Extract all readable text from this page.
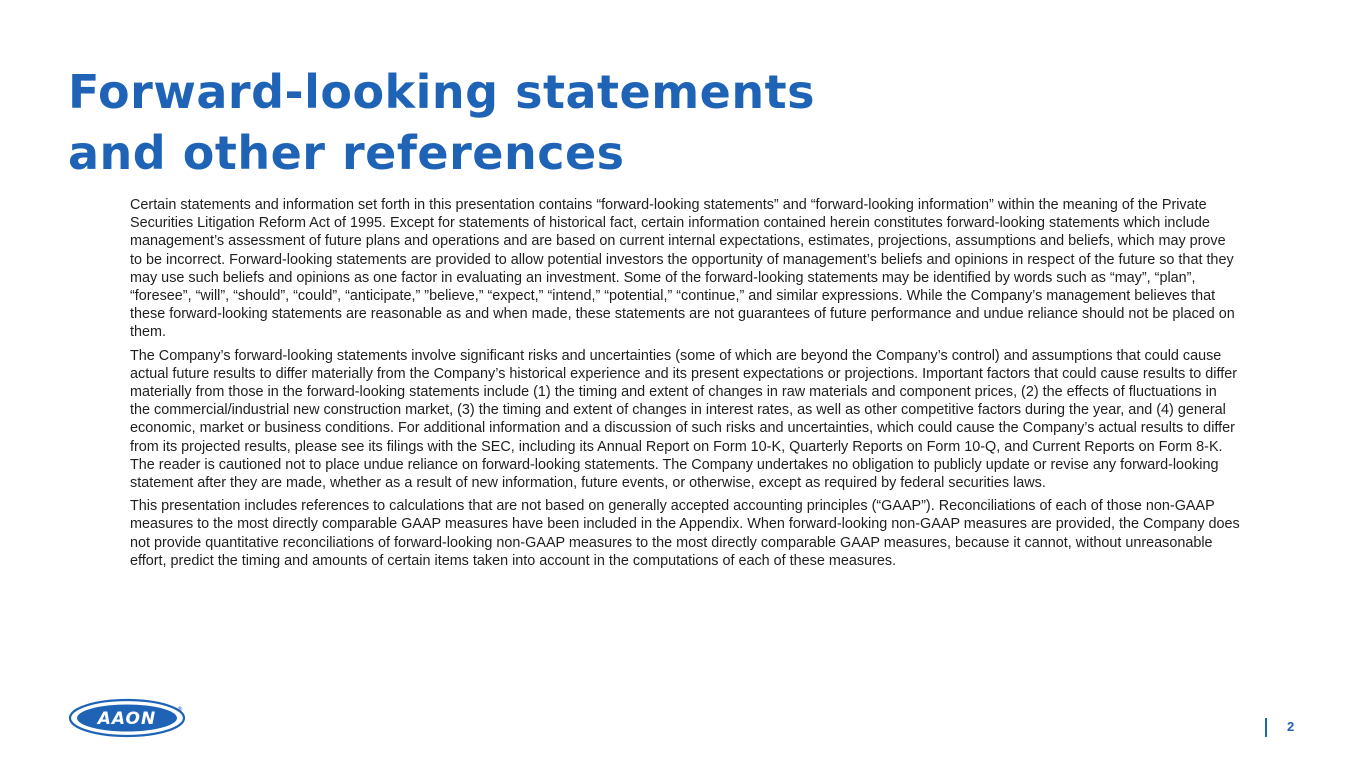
Forward-looking statements
and other references

Certain statements and information set forth in this presentation contains “forward-looking statements” and “forward-looking information” within the meaning of the Private Securities Litigation Reform Act of 1995. Except for statements of historical fact, certain information contained herein constitutes forward-looking statements which include management’s assessment of future plans and operations and are based on current internal expectations, estimates, projections, assumptions and beliefs, which may prove to be incorrect. Forward-looking statements are provided to allow potential investors the opportunity of management’s beliefs and opinions in respect of the future so that they may use such beliefs and opinions as one factor in evaluating an investment. Some of the forward-looking statements may be identified by words such as “may”, “plan”, “foresee”, “will”, “should”, “could”, “anticipate,” ”believe,” “expect,” “intend,” “potential,” “continue,” and similar expressions. While the Company’s management believes that these forward-looking statements are reasonable as and when made, these statements are not guarantees of future performance and undue reliance should not be placed on them.

The Company’s forward-looking statements involve significant risks and uncertainties (some of which are beyond the Company’s control) and assumptions that could cause actual future results to differ materially from the Company’s historical experience and its present expectations or projections. Important factors that could cause results to differ materially from those in the forward-looking statements include (1) the timing and extent of changes in raw materials and component prices, (2) the effects of fluctuations in the commercial/industrial new construction market, (3) the timing and extent of changes in interest rates, as well as other competitive factors during the year, and (4) general economic, market or business conditions. For additional information and a discussion of such risks and uncertainties, which could cause the Company’s actual results to differ from its projected results, please see its filings with the SEC, including its Annual Report on Form 10-K, Quarterly Reports on Form 10-Q, and Current Reports on Form 8-K. The reader is cautioned not to place undue reliance on forward-looking statements. The Company undertakes no obligation to publicly update or revise any forward-looking statement after they are made, whether as a result of new information, future events, or otherwise, except as required by federal securities laws.

This presentation includes references to calculations that are not based on generally accepted accounting principles (“GAAP”). Reconciliations of each of those non-GAAP measures to the most directly comparable GAAP measures have been included in the Appendix. When forward-looking non-GAAP measures are provided, the Company does not provide quantitative reconciliations of forward-looking non-GAAP measures to the most directly comparable GAAP measures, because it cannot, without unreasonable effort, predict the timing and amounts of certain items taken into account in the computations of each of these measures.

AAON	®
2
